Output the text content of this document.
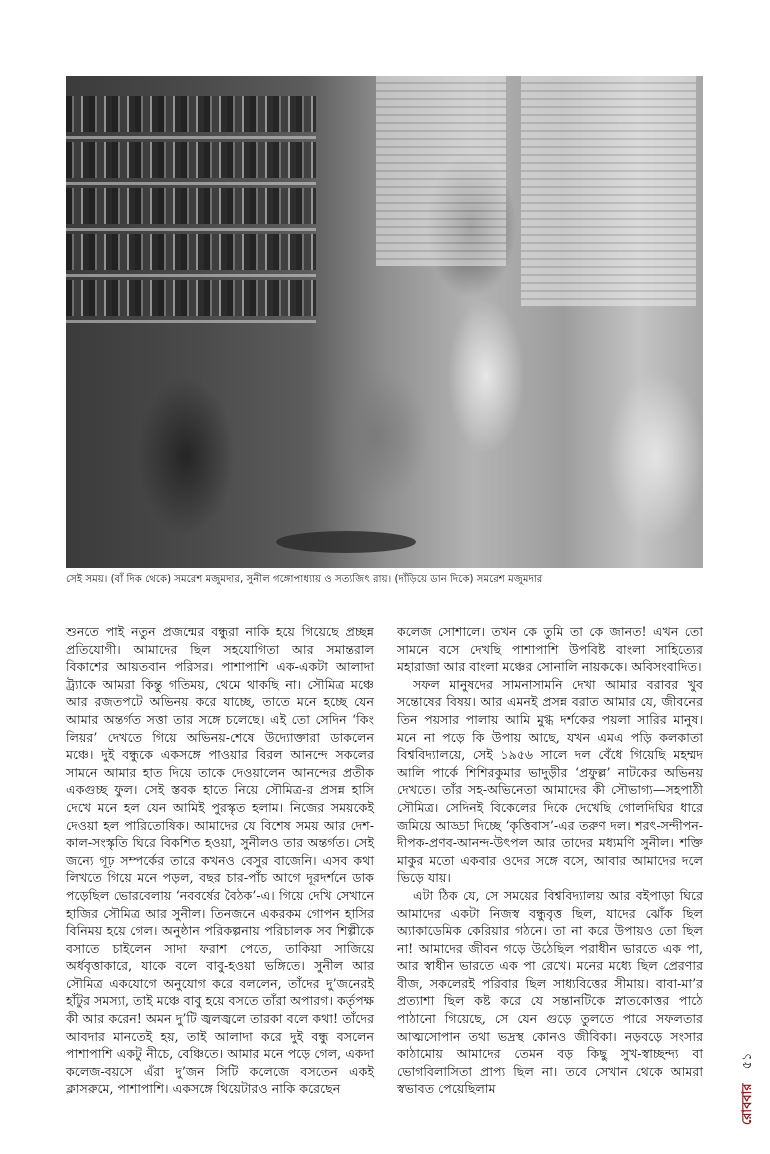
সেই সময়। (বাঁ দিক থেকে) সমরেশ মজুমদার, সুনীল গঙ্গোপাধ্যায় ও সত্যজিৎ রায়। (দাঁড়িয়ে ডান দিকে) সমরেশ মজুমদার

শুনতে পাই নতুন প্রজন্মের বন্ধুরা নাকি হয়ে গিয়েছে প্রচ্ছন্ন প্রতিযোগী। আমাদের ছিল সহযোগিতা আর সমান্তরাল বিকাশের আয়তবান পরিসর। পাশাপাশি এক-একটা আলাদা ট্র্যাকে আমরা কিন্তু গতিময়, থেমে থাকছি না। সৌমিত্র মঞ্চে আর রজতপটে অভিনয় করে যাচ্ছে, তাতে মনে হচ্ছে যেন আমার অন্তর্গত সত্তা তার সঙ্গে চলেছে। এই তো সেদিন ‘কিং লিয়র’ দেখতে গিয়ে অভিনয়-শেষে উদ্যোক্তারা ডাকলেন মঞ্চে। দুই বন্ধুকে একসঙ্গে পাওয়ার বিরল আনন্দে সকলের সামনে আমার হাত দিয়ে তাকে দেওয়ালেন আনন্দের প্রতীক একগুচ্ছ ফুল। সেই স্তবক হাতে নিয়ে সৌমিত্র-র প্রসন্ন হাসি দেখে মনে হল যেন আমিই পুরস্কৃত হলাম। নিজের সময়কেই দেওয়া হল পারিতোষিক। আমাদের যে বিশেষ সময় আর দেশ-কাল-সংস্কৃতি ঘিরে বিকশিত হওয়া, সুনীলও তার অন্তর্গত। সেই জন্যে গূঢ় সম্পর্কের তারে কখনও বেসুর বাজেনি। এসব কথা লিখতে গিয়ে মনে পড়ল, বছর চার-পাঁচ আগে দূরদর্শনে ডাক পড়েছিল ভোরবেলায় ‘নববর্ষের বৈঠক’-এ। গিয়ে দেখি সেখানে হাজির সৌমিত্র আর সুনীল। তিনজনে একরকম গোপন হাসির বিনিময় হয়ে গেল। অনুষ্ঠান পরিকল্পনায় পরিচালক সব শিল্পীকে বসাতে চাইলেন সাদা ফরাশ পেতে, তাকিয়া সাজিয়ে অর্ধবৃত্তাকারে, যাকে বলে বাবু-হওয়া ভঙ্গিতে। সুনীল আর সৌমিত্র একযোগে অনুযোগ করে বললেন, তাঁদের দু’জনেরই হাঁটুর সমস্যা, তাই মঞ্চে বাবু হয়ে বসতে তাঁরা অপারগ। কর্তৃপক্ষ কী আর করেন! অমন দু’টি জ্বলজ্বলে তারকা বলে কথা! তাঁদের আবদার মানতেই হয়, তাই আলাদা করে দুই বন্ধু বসলেন পাশাপাশি একটু নীচে, বেঞ্চিতে। আমার মনে পড়ে গেল, একদা কলেজ-বয়সে এঁরা দু’জন সিটি কলেজে বসতেন একই ক্লাসরুমে, পাশাপাশি। একসঙ্গে থিয়েটারও নাকি করেছেন

কলেজ সোশালে। তখন কে তুমি তা কে জানত! এখন তো সামনে বসে দেখছি পাশাপাশি উপবিষ্ট বাংলা সাহিত্যের মহারাজা আর বাংলা মঞ্চের সোনালি নায়ককে। অবিসংবাদিত।

সফল মানুষদের সামনাসামনি দেখা আমার বরাবর খুব সন্তোষের বিষয়। আর এমনই প্রসন্ন বরাত আমার যে, জীবনের তিন পয়সার পালায় আমি মুগ্ধ দর্শকের পয়লা সারির মানুষ। মনে না পড়ে কি উপায় আছে, যখন এমএ পড়ি কলকাতা বিশ্ববিদ্যালয়ে, সেই ১৯৫৬ সালে দল বেঁধে গিয়েছি মহম্মদ আলি পার্কে শিশিরকুমার ভাদুড়ীর ‘প্রফুল্ল’ নাটকের অভিনয় দেখতে। তাঁর সহ-অভিনেতা আমাদের কী সৌভাগ্য—সহপাঠী সৌমিত্র। সেদিনই বিকেলের দিকে দেখেছি গোলদিঘির ধারে জমিয়ে আড্ডা দিচ্ছে ‘কৃত্তিবাস’-এর তরুণ দল। শরৎ-সন্দীপন-দীপক-প্রণব-আনন্দ-উৎপল আর তাদের মধ্যমণি সুনীল। শক্তি মাকুর মতো একবার ওদের সঙ্গে বসে, আবার আমাদের দলে ভিড়ে যায়।

এটা ঠিক যে, সে সময়ের বিশ্ববিদ্যালয় আর বইপাড়া ঘিরে আমাদের একটা নিজস্ব বন্ধুবৃত্ত ছিল, যাদের ঝোঁক ছিল অ্যাকাডেমিক কেরিয়ার গঠনে। তা না করে উপায়ও তো ছিল না! আমাদের জীবন গড়ে উঠেছিল পরাধীন ভারতে এক পা, আর স্বাধীন ভারতে এক পা রেখে। মনের মধ্যে ছিল প্রেরণার বীজ, সকলেরই পরিবার ছিল সাধ্যবিত্তের সীমায়। বাবা-মা’র প্রত্যাশা ছিল কষ্ট করে যে সন্তানটিকে স্নাতকোত্তর পাঠে পাঠানো গিয়েছে, সে যেন গুড়ে তুলতে পারে সফলতার আত্মসোপান তথা ভদ্রস্থ কোনও জীবিকা। নড়বড়ে সংসার কাঠামোয় আমাদের তেমন বড় কিছু সুখ-স্বাচ্ছন্দ্য বা ভোগবিলাসিতা প্রাপ্য ছিল না। তবে সেখান থেকে আমরা স্বভাবত পেয়েছিলাম	রোববার৫১
